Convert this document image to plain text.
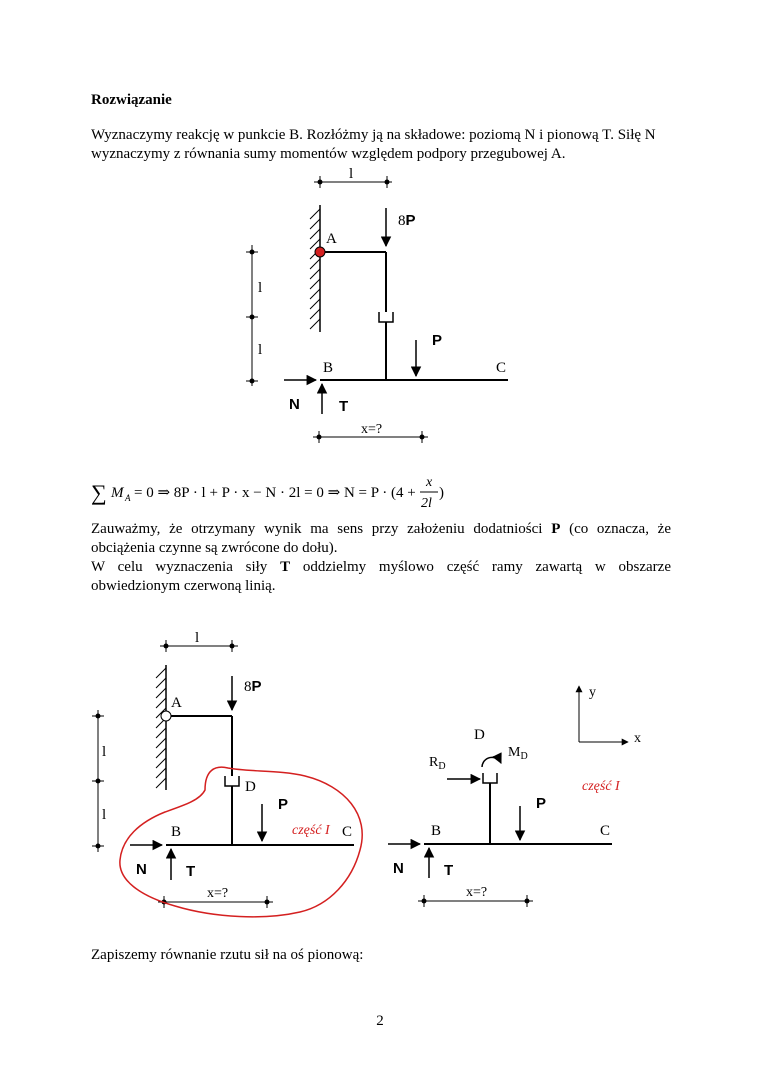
Rozwiązanie
Wyznaczymy reakcję w punkcie B. Rozłóżmy ją na składowe: poziomą N i pionową T. Siłę N
wyznaczymy z równania sumy momentów względem podpory przegubowej A.
l
8P
A
P
l
l
B	C
N	T
x=?
∑ M A = 0 ⇒ 8P · l + P · x − N · 2l = 0 ⇒ N = P · (4 +
x
2l
)
l
8P
A
D
P
l
l
B	C
część I
N	T
x=?
y
x
D
$M_D$
$R_D$
część I
P
B	C
N	T
x=?
Zauważmy, że otrzymany wynik ma sens przy założeniu dodatniości P (co oznacza, że
obciążenia czynne są zwrócone do dołu).
W celu wyznaczenia siły T oddzielmy myślowo część ramy zawartą w obszarze
obwiedzionym czerwoną linią.
Zapiszemy równanie rzutu sił na oś pionową:
2
